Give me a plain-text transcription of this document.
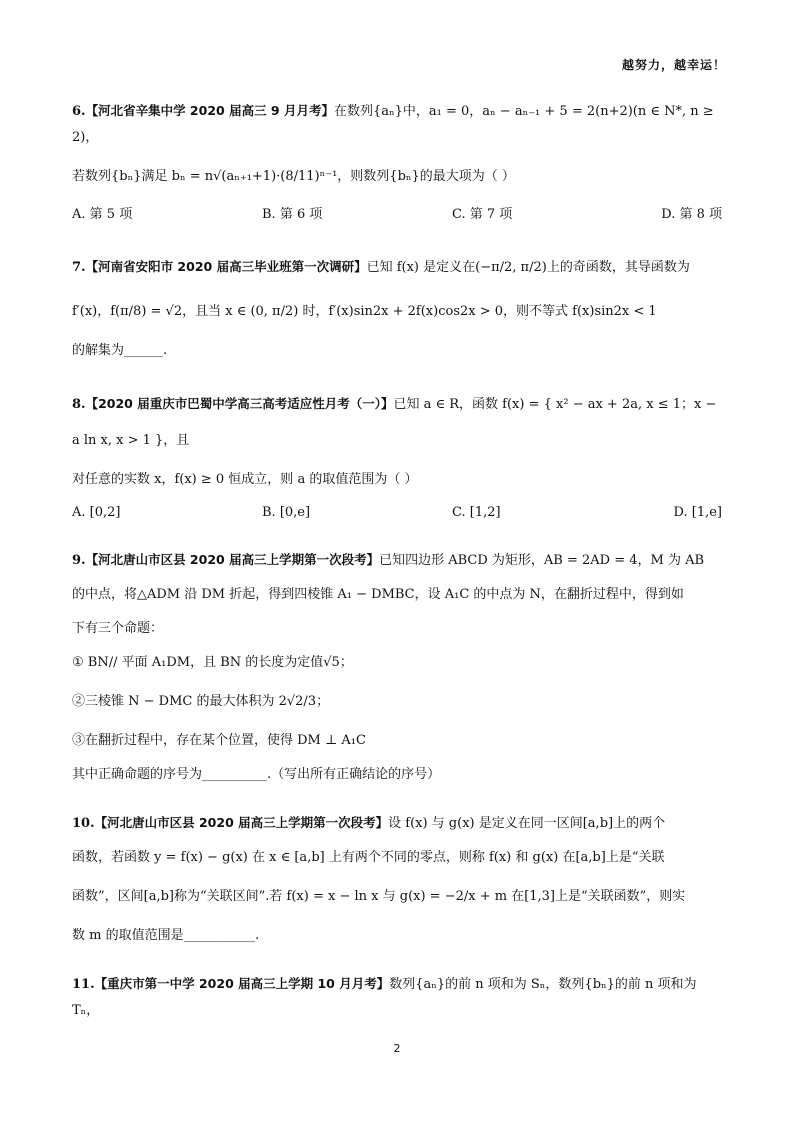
越努力，越幸运！
6.【河北省辛集中学 2020 届高三 9 月月考】在数列{aₙ}中，a₁ = 0，aₙ − aₙ₋₁ + 5 = 2(n+2)(n ∈ N*, n ≥ 2)，
若数列{bₙ}满足 bₙ = n√(aₙ₊₁+1)·(8/11)ⁿ⁻¹，则数列{bₙ}的最大项为（ ）
A. 第 5 项	B. 第 6 项	C. 第 7 项	D. 第 8 项
7.【河南省安阳市 2020 届高三毕业班第一次调研】已知 f(x) 是定义在(−π/2, π/2)上的奇函数，其导函数为
f′(x)，f(π/8) = √2，且当 x ∈ (0, π/2) 时，f′(x)sin2x + 2f(x)cos2x > 0，则不等式 f(x)sin2x < 1
的解集为______.
8.【2020 届重庆市巴蜀中学高三高考适应性月考（一）】已知 a ∈ R，函数 f(x) = { x² − ax + 2a, x ≤ 1；x − a ln x, x > 1 }，且
对任意的实数 x，f(x) ≥ 0 恒成立，则 a 的取值范围为（ ）
A. [0,2]	B. [0,e]	C. [1,2]	D. [1,e]
9.【河北唐山市区县 2020 届高三上学期第一次段考】已知四边形 ABCD 为矩形，AB = 2AD = 4，M 为 AB
的中点，将△ADM 沿 DM 折起，得到四棱锥 A₁ − DMBC，设 A₁C 的中点为 N，在翻折过程中，得到如
下有三个命题：
① BN// 平面 A₁DM，且 BN 的长度为定值√5；
②三棱锥 N − DMC 的最大体积为 2√2/3；
③在翻折过程中，存在某个位置，使得 DM ⊥ A₁C
其中正确命题的序号为__________.（写出所有正确结论的序号）
10.【河北唐山市区县 2020 届高三上学期第一次段考】设 f(x) 与 g(x) 是定义在同一区间[a,b]上的两个
函数，若函数 y = f(x) − g(x) 在 x ∈ [a,b] 上有两个不同的零点，则称 f(x) 和 g(x) 在[a,b]上是“关联
函数”，区间[a,b]称为“关联区间”.若 f(x) = x − ln x 与 g(x) = −2/x + m 在[1,3]上是“关联函数”，则实
数 m 的取值范围是___________.
11.【重庆市第一中学 2020 届高三上学期 10 月月考】数列{aₙ}的前 n 项和为 Sₙ，数列{bₙ}的前 n 项和为 Tₙ，
2
